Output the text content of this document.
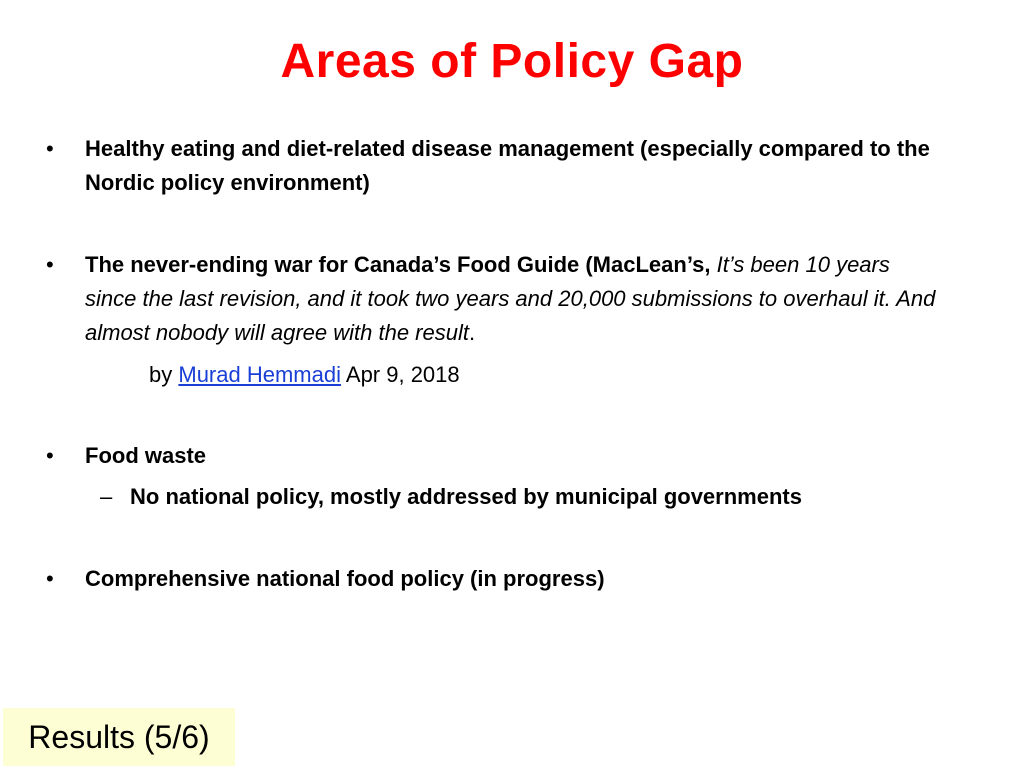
Areas of Policy Gap
•	Healthy eating and diet-related disease management (especially compared to the Nordic policy environment)
•	The never-ending war for Canada’s Food Guide (MacLean’s, It’s been 10 years since the last revision, and it took two years and 20,000 submissions to overhaul it. And almost nobody will agree with the result.
by Murad Hemmadi Apr 9, 2018
•	Food waste
– No national policy, mostly addressed by municipal governments
•	Comprehensive national food policy (in progress)
Results (5/6)
